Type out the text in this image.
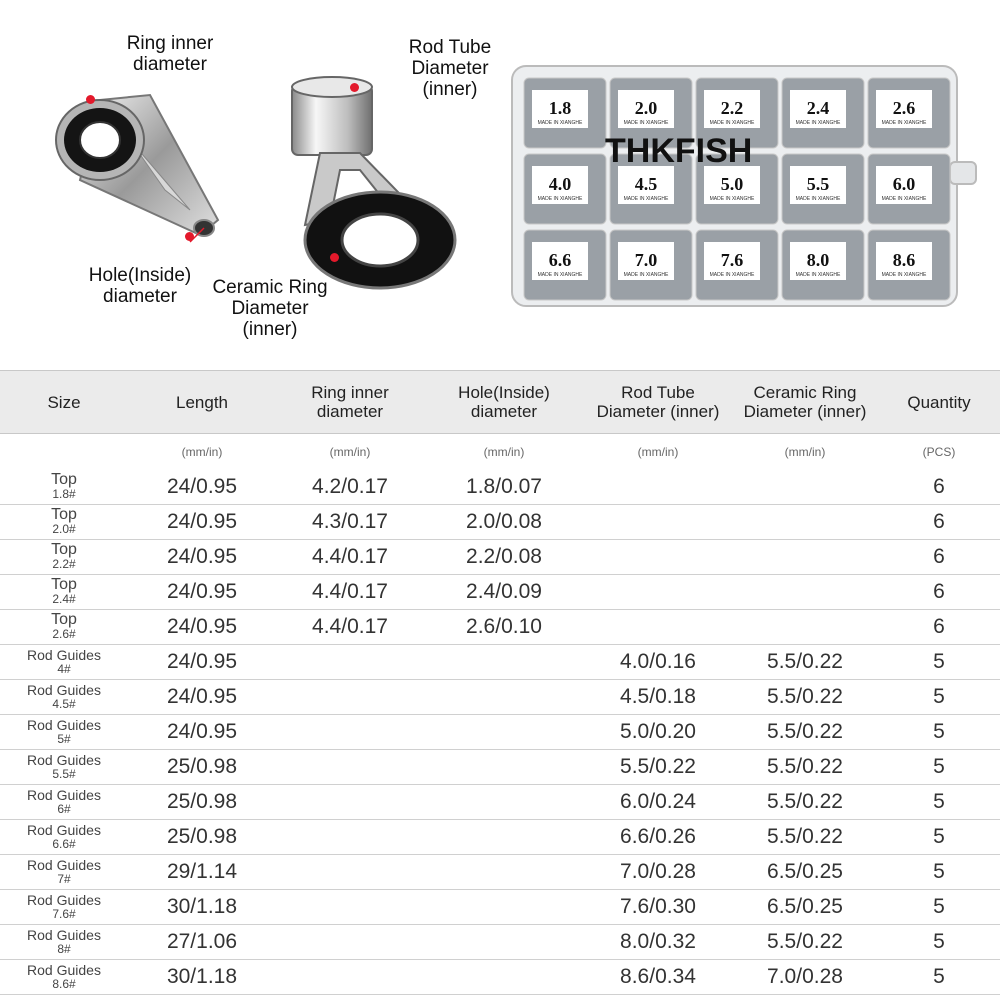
Ring inner diameter
Hole(Inside) diameter
Rod Tube Diameter (inner)
Ceramic Ring Diameter (inner)
1.8
MADE IN XIANGHE
2.0
MADE IN XIANGHE
2.2
MADE IN XIANGHE
2.4
MADE IN XIANGHE
2.6
MADE IN XIANGHE
4.0
MADE IN XIANGHE
4.5
MADE IN XIANGHE
5.0
MADE IN XIANGHE
5.5
MADE IN XIANGHE
6.0
MADE IN XIANGHE
6.6
MADE IN XIANGHE
7.0
MADE IN XIANGHE
7.6
MADE IN XIANGHE
8.0
MADE IN XIANGHE
8.6
MADE IN XIANGHE
THKFISH
Size	Length	Ring inner diameter	Hole(Inside) diameter	Rod Tube Diameter (inner)	Ceramic Ring Diameter (inner)	Quantity
	(mm/in)	(mm/in)	(mm/in)	(mm/in)	(mm/in)	(PCS)

Top
1.8#	24/0.95	4.2/0.17	1.8/0.07			6

Top
2.0#	24/0.95	4.3/0.17	2.0/0.08			6

Top
2.2#	24/0.95	4.4/0.17	2.2/0.08			6

Top
2.4#	24/0.95	4.4/0.17	2.4/0.09			6

Top
2.6#	24/0.95	4.4/0.17	2.6/0.10			6

Rod Guides
4#	24/0.95			4.0/0.16	5.5/0.22	5

Rod Guides
4.5#	24/0.95			4.5/0.18	5.5/0.22	5

Rod Guides
5#	24/0.95			5.0/0.20	5.5/0.22	5

Rod Guides
5.5#	25/0.98			5.5/0.22	5.5/0.22	5

Rod Guides
6#	25/0.98			6.0/0.24	5.5/0.22	5

Rod Guides
6.6#	25/0.98			6.6/0.26	5.5/0.22	5

Rod Guides
7#	29/1.14			7.0/0.28	6.5/0.25	5

Rod Guides
7.6#	30/1.18			7.6/0.30	6.5/0.25	5

Rod Guides
8#	27/1.06			8.0/0.32	5.5/0.22	5

Rod Guides
8.6#	30/1.18			8.6/0.34	7.0/0.28	5
